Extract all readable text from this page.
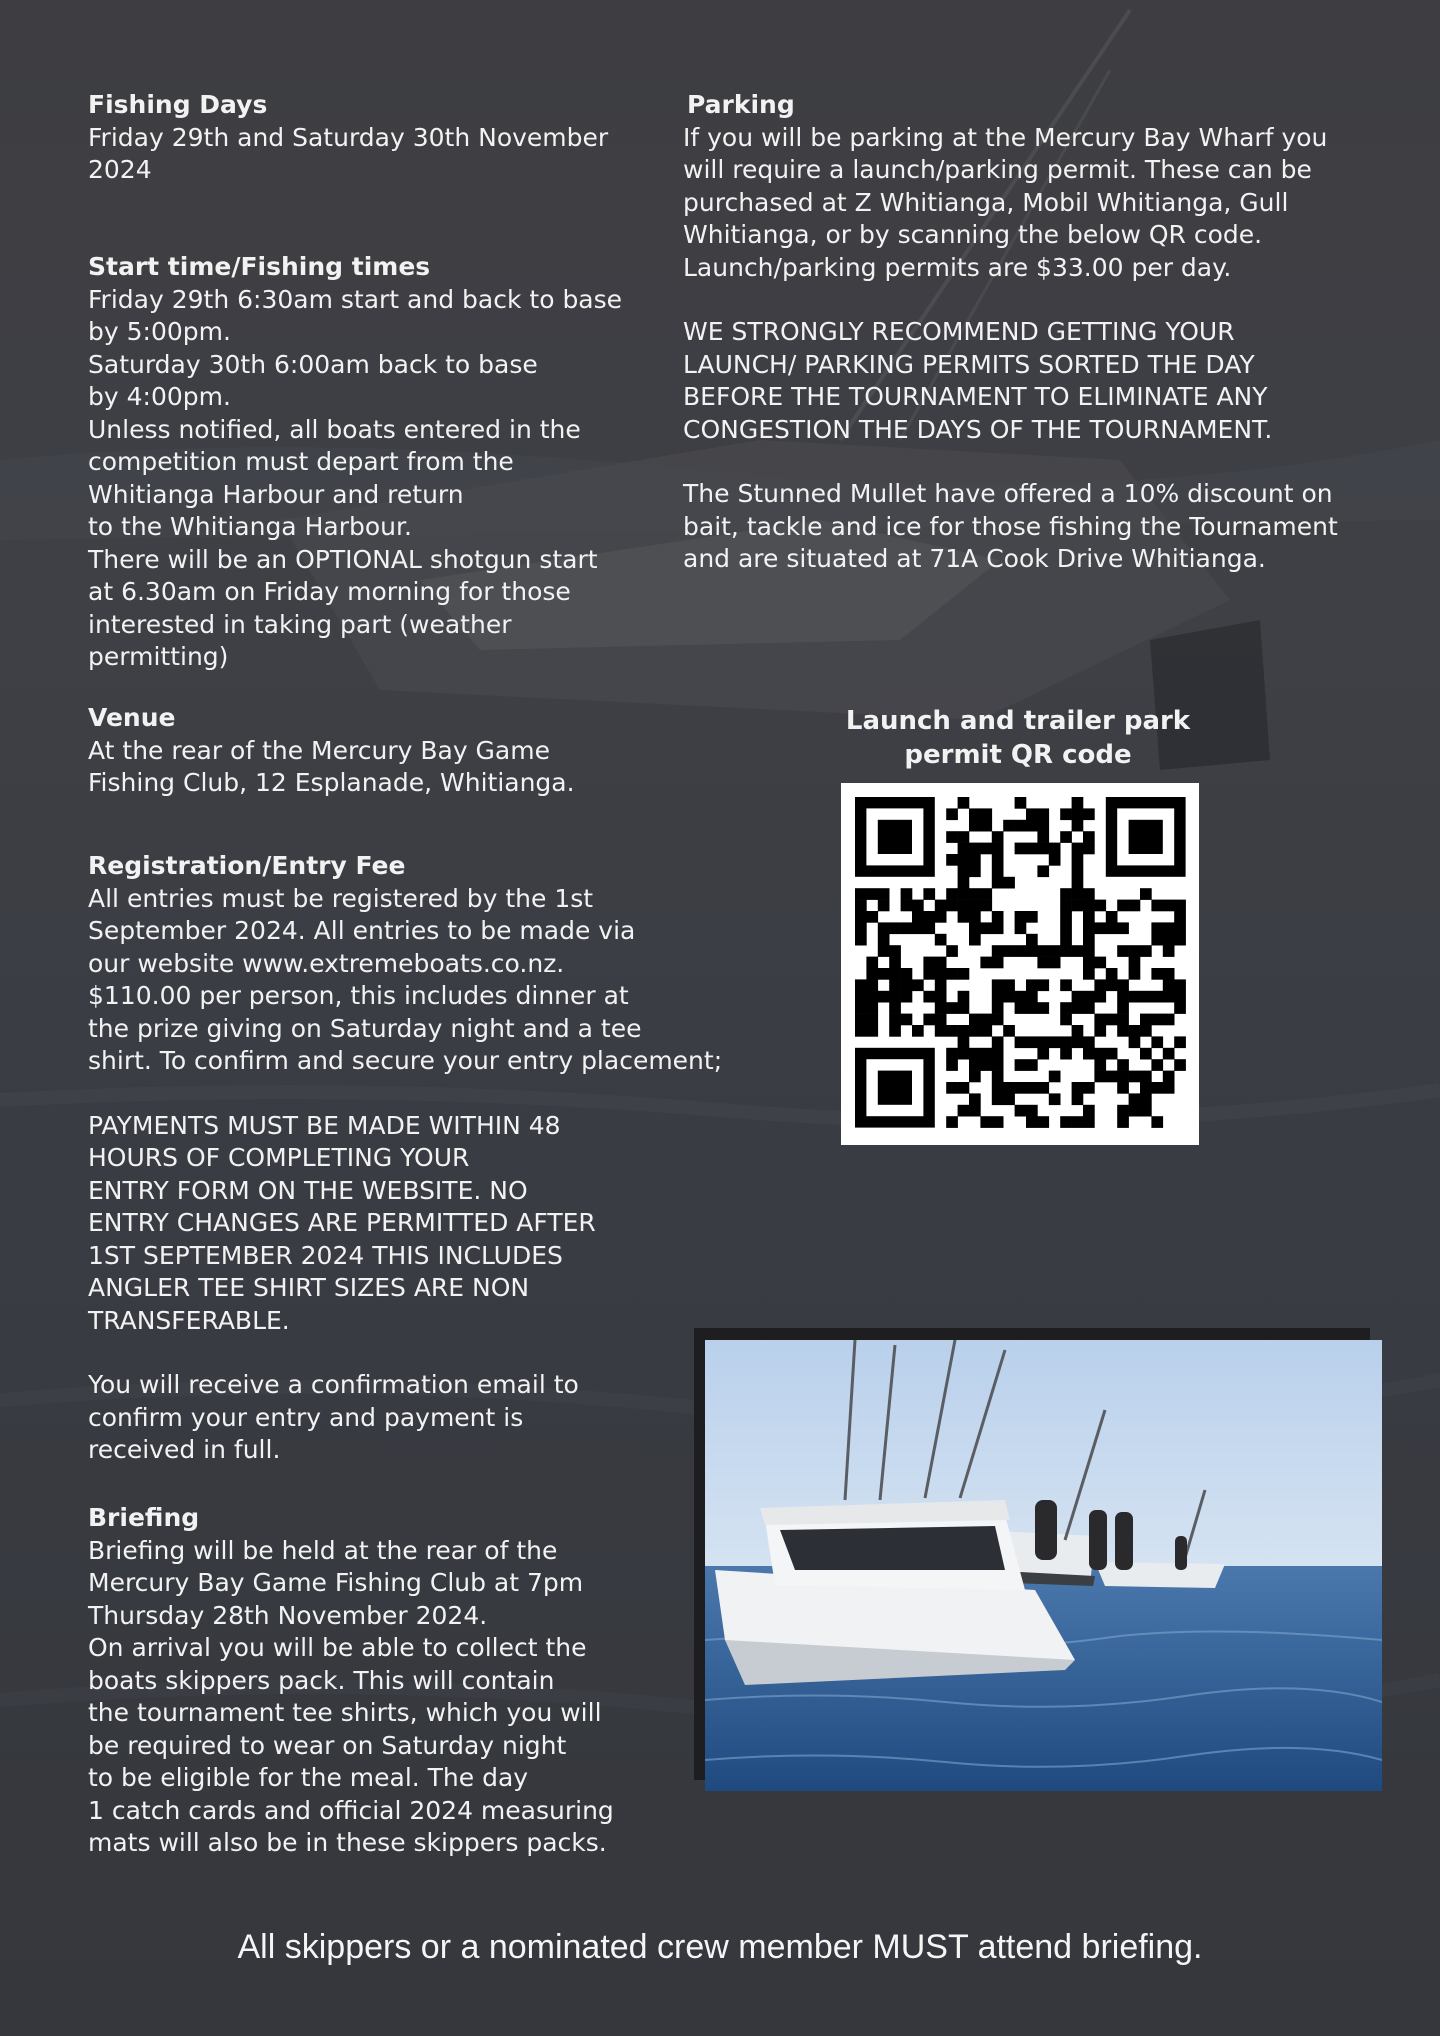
Fishing Days
Friday 29th and Saturday 30th November
2024
Start time/Fishing times
Friday 29th 6:30am start and back to base
by 5:00pm.
Saturday 30th 6:00am back to base
by 4:00pm.
Unless notified, all boats entered in the
competition must depart from the
Whitianga Harbour and return
to the Whitianga Harbour.
There will be an OPTIONAL shotgun start
at 6.30am on Friday morning for those
interested in taking part (weather
permitting)
Venue
At the rear of the Mercury Bay Game
Fishing Club, 12 Esplanade, Whitianga.
Registration/Entry Fee
All entries must be registered by the 1st
September 2024. All entries to be made via
our website www.extremeboats.co.nz.
$110.00 per person, this includes dinner at
the prize giving on Saturday night and a tee
shirt. To confirm and secure your entry placement;
PAYMENTS MUST BE MADE WITHIN 48
HOURS OF COMPLETING YOUR
ENTRY FORM ON THE WEBSITE. NO
ENTRY CHANGES ARE PERMITTED AFTER
1ST SEPTEMBER 2024 THIS INCLUDES
ANGLER TEE SHIRT SIZES ARE NON
TRANSFERABLE.
You will receive a confirmation email to
confirm your entry and payment is
received in full.
Briefing
Briefing will be held at the rear of the
Mercury Bay Game Fishing Club at 7pm
Thursday 28th November 2024.
On arrival you will be able to collect the
boats skippers pack. This will contain
the tournament tee shirts, which you will
be required to wear on Saturday night
to be eligible for the meal. The day
1 catch cards and official 2024 measuring
mats will also be in these skippers packs.
Parking
If you will be parking at the Mercury Bay Wharf you
will require a launch/parking permit. These can be
purchased at Z Whitianga, Mobil Whitianga, Gull
Whitianga, or by scanning the below QR code.
Launch/parking permits are $33.00 per day.
WE STRONGLY RECOMMEND GETTING YOUR
LAUNCH/ PARKING PERMITS SORTED THE DAY
BEFORE THE TOURNAMENT TO ELIMINATE ANY
CONGESTION THE DAYS OF THE TOURNAMENT.
The Stunned Mullet have offered a 10% discount on
bait, tackle and ice for those fishing the Tournament
and are situated at 71A Cook Drive Whitianga.
Launch and trailer park
permit QR code
All skippers or a nominated crew member MUST attend briefing.
